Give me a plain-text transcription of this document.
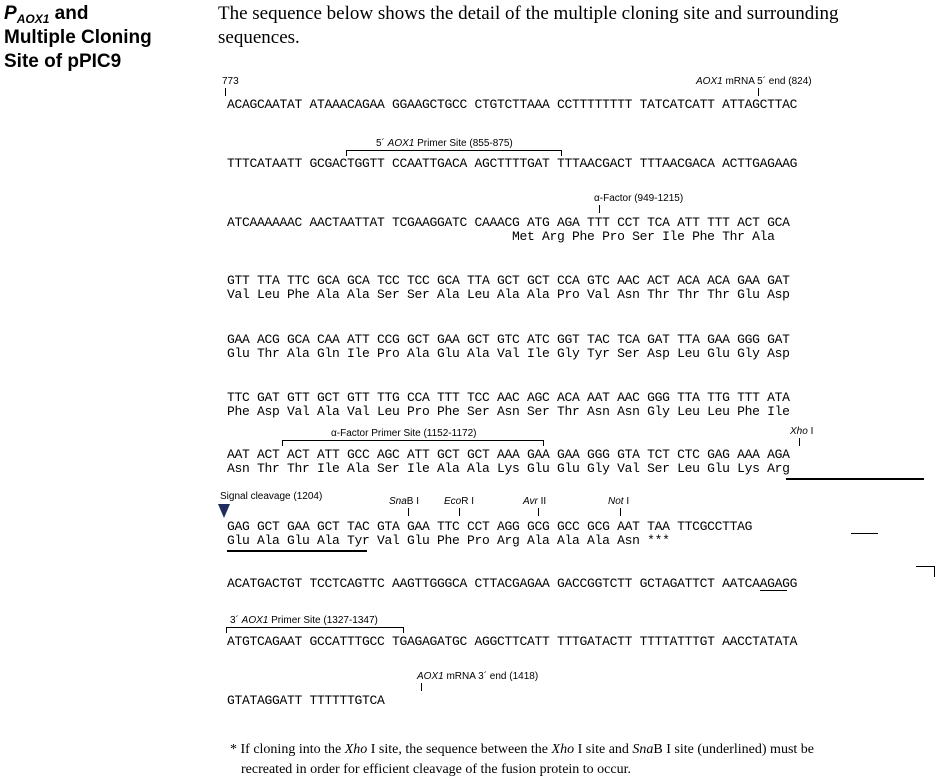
$P_{AOX1}$ and
Multiple Cloning
Site of pPIC9
The sequence below shows the detail of the multiple cloning site and surrounding sequences.
773	AOX1 mRNA 5´ end (824)
ACAGCAATAT ATAAACAGAA GGAAGCTGCC CTGTCTTAAA CCTTTTTTTT TATCATCATT ATTAGCTTAC
5´ AOX1 Primer Site (855-875)
TTTCATAATT GCGACTGGTT CCAATTGACA AGCTTTTGAT TTTAACGACT TTTAACGACA ACTTGAGAAG
α-Factor (949-1215)
ATCAAAAAAC AACTAATTAT TCGAAGGATC CAAACG ATG AGA TTT CCT TCA ATT TTT ACT GCA
Met Arg Phe Pro Ser Ile Phe Thr Ala
GTT TTA TTC GCA GCA TCC TCC GCA TTA GCT GCT CCA GTC AAC ACT ACA ACA GAA GAT
Val Leu Phe Ala Ala Ser Ser Ala Leu Ala Ala Pro Val Asn Thr Thr Thr Glu Asp
GAA ACG GCA CAA ATT CCG GCT GAA GCT GTC ATC GGT TAC TCA GAT TTA GAA GGG GAT
Glu Thr Ala Gln Ile Pro Ala Glu Ala Val Ile Gly Tyr Ser Asp Leu Glu Gly Asp
TTC GAT GTT GCT GTT TTG CCA TTT TCC AAC AGC ACA AAT AAC GGG TTA TTG TTT ATA
Phe Asp Val Ala Val Leu Pro Phe Ser Asn Ser Thr Asn Asn Gly Leu Leu Phe Ile
α-Factor Primer Site (1152-1172)	Xho I
AAT ACT ACT ATT GCC AGC ATT GCT GCT AAA GAA GAA GGG GTA TCT CTC GAG AAA AGA
Asn Thr Thr Ile Ala Ser Ile Ala Ala Lys Glu Glu Gly Val Ser Leu Glu Lys Arg
Signal cleavage (1204)	SnaB I EcoR I	Avr II	Not I
GAG GCT GAA GCT TAC GTA GAA TTC CCT AGG GCG GCC GCG AAT TAA TTCGCCTTAG
Glu Ala Glu Ala Tyr Val Glu Phe Pro Arg Ala Ala Ala Asn ***
ACATGACTGT TCCTCAGTTC AAGTTGGGCA CTTACGAGAA GACCGGTCTT GCTAGATTCT AATCAAGAGG
3´ AOX1 Primer Site (1327-1347)
ATGTCAGAAT GCCATTTGCC TGAGAGATGC AGGCTTCATT TTTGATACTT TTTTATTTGT AACCTATATA
AOX1 mRNA 3´ end (1418)
GTATAGGATT TTTTTTGTCA
* If cloning into the Xho I site, the sequence between the Xho I site and SnaB I site (underlined) must be
recreated in order for efficient cleavage of the fusion protein to occur.
